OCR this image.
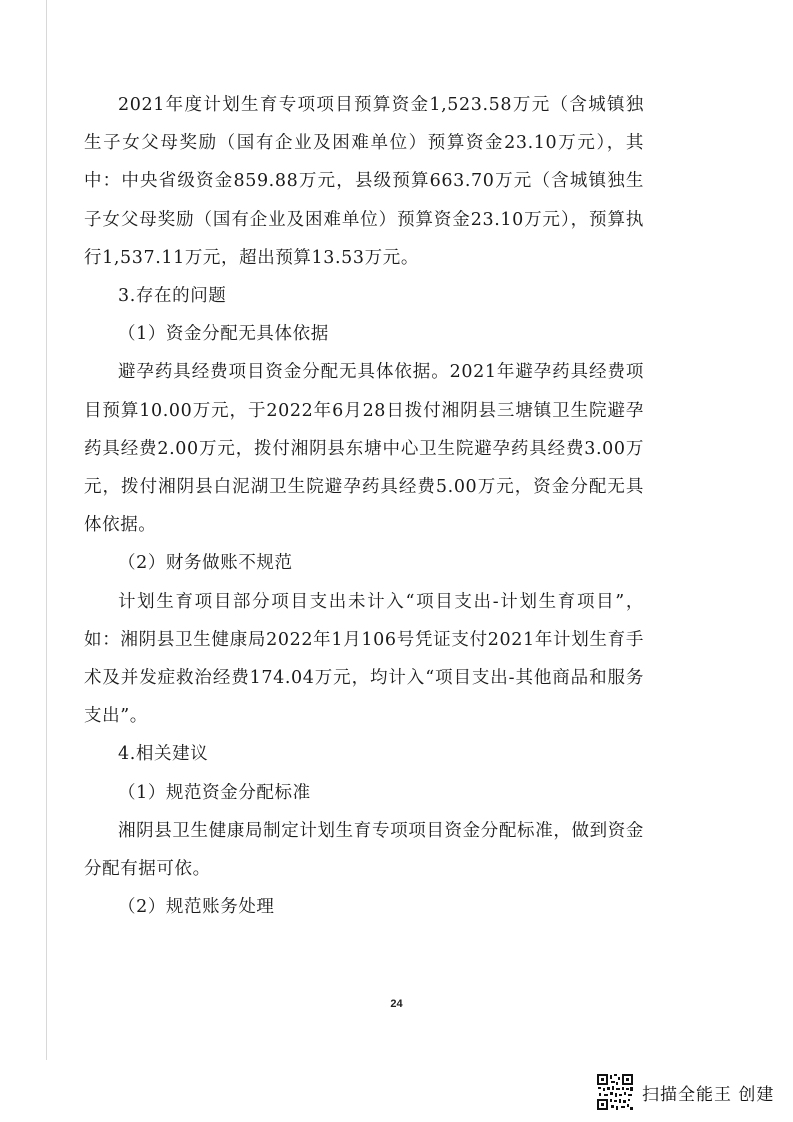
2021年度计划生育专项项目预算资金1,523.58万元（含城镇独生子女父母奖励（国有企业及困难单位）预算资金23.10万元），其中：中央省级资金859.88万元，县级预算663.70万元（含城镇独生子女父母奖励（国有企业及困难单位）预算资金23.10万元），预算执行1,537.11万元，超出预算13.53万元。

3.存在的问题

（1）资金分配无具体依据

避孕药具经费项目资金分配无具体依据。2021年避孕药具经费项目预算10.00万元，于2022年6月28日拨付湘阴县三塘镇卫生院避孕药具经费2.00万元，拨付湘阴县东塘中心卫生院避孕药具经费3.00万元，拨付湘阴县白泥湖卫生院避孕药具经费5.00万元，资金分配无具体依据。

（2）财务做账不规范

计划生育项目部分项目支出未计入“项目支出-计划生育项目”，如：湘阴县卫生健康局2022年1月106号凭证支付2021年计划生育手术及并发症救治经费174.04万元，均计入“项目支出-其他商品和服务支出”。

4.相关建议

（1）规范资金分配标准

湘阴县卫生健康局制定计划生育专项项目资金分配标准，做到资金分配有据可依。

（2）规范账务处理

24
扫描全能王 创建
